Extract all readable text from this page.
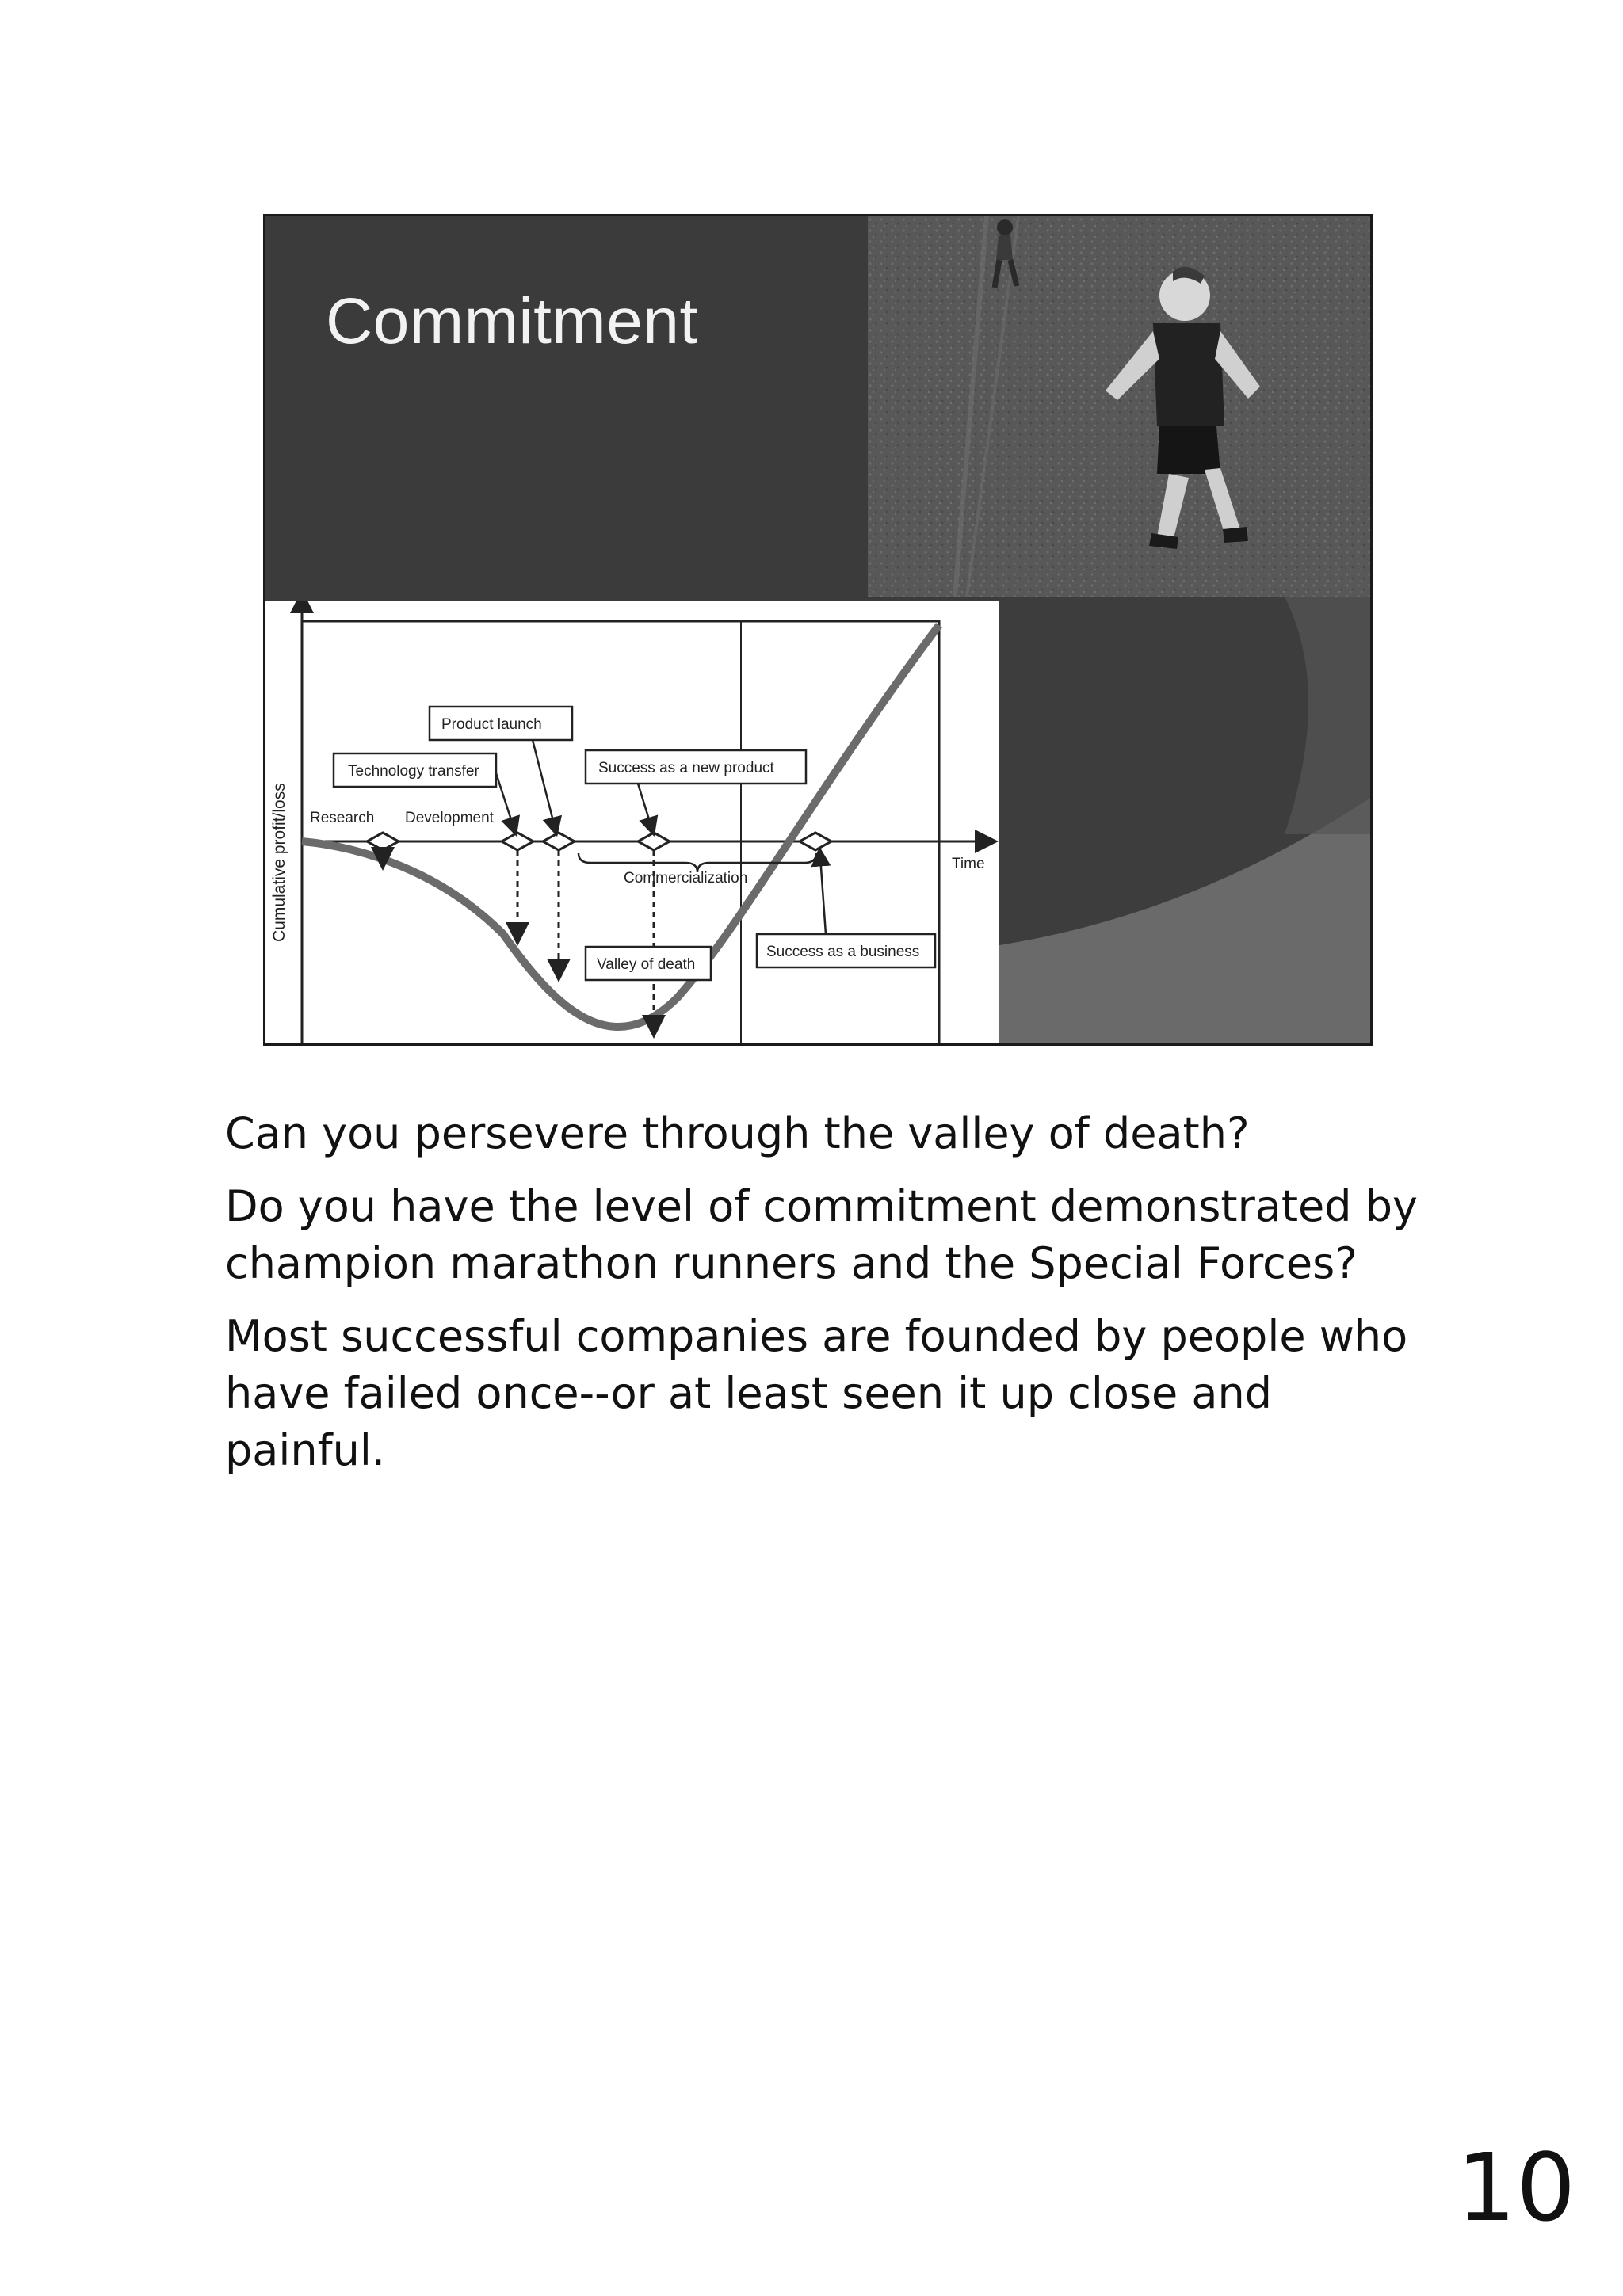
Commitment
Time
Cumulative profit/loss
Product launch
Technology transfer	Success as a new product
Research Development
Commercialization
Valley of death
Success as a business

Can you persevere through the valley of death?

Do you have the level of commitment demonstrated by champion marathon runners and the Special Forces?

Most successful companies are founded by people who have failed once--or at least seen it up close and painful.

10
